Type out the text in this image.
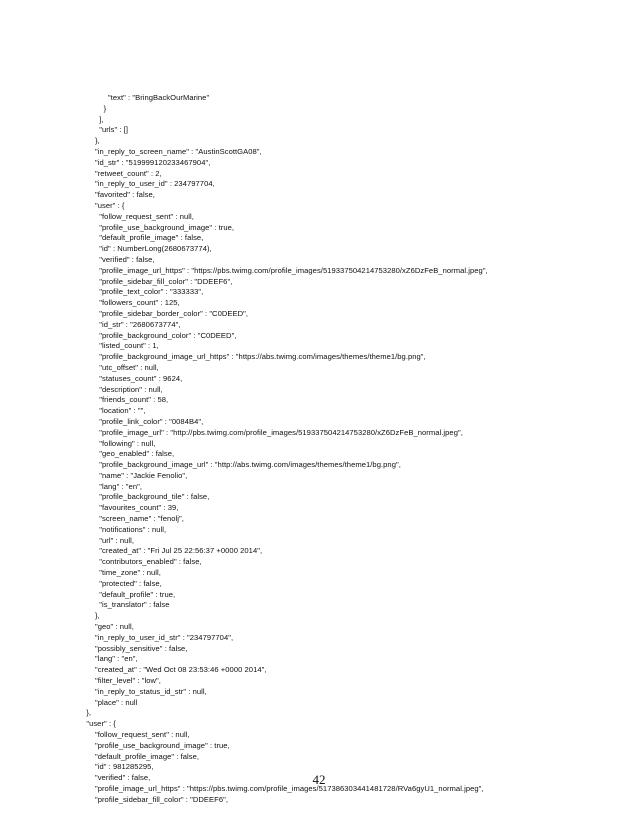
"text" : "BringBackOurMarine"
}
],
"urls" : []
},
"in_reply_to_screen_name" : "AustinScottGA08",
"id_str" : "519999120233467904",
"retweet_count" : 2,
"in_reply_to_user_id" : 234797704,
"favorited" : false,
"user" : {
"follow_request_sent" : null,
"profile_use_background_image" : true,
"default_profile_image" : false,
"id" : NumberLong(2680673774),
"verified" : false,
"profile_image_url_https" : "https://pbs.twimg.com/profile_images/519337504214753280/xZ6DzFeB_normal.jpeg",
"profile_sidebar_fill_color" : "DDEEF6",
"profile_text_color" : "333333",
"followers_count" : 125,
"profile_sidebar_border_color" : "C0DEED",
"id_str" : "2680673774",
"profile_background_color" : "C0DEED",
"listed_count" : 1,
"profile_background_image_url_https" : "https://abs.twimg.com/images/themes/theme1/bg.png",
"utc_offset" : null,
"statuses_count" : 9624,
"description" : null,
"friends_count" : 58,
"location" : "",
"profile_link_color" : "0084B4",
"profile_image_url" : "http://pbs.twimg.com/profile_images/519337504214753280/xZ6DzFeB_normal.jpeg",
"following" : null,
"geo_enabled" : false,
"profile_background_image_url" : "http://abs.twimg.com/images/themes/theme1/bg.png",
"name" : "Jackie Fenolio",
"lang" : "en",
"profile_background_tile" : false,
"favourites_count" : 39,
"screen_name" : "fenolj",
"notifications" : null,
"url" : null,
"created_at" : "Fri Jul 25 22:56:37 +0000 2014",
"contributors_enabled" : false,
"time_zone" : null,
"protected" : false,
"default_profile" : true,
"is_translator" : false
},
"geo" : null,
"in_reply_to_user_id_str" : "234797704",
"possibly_sensitive" : false,
"lang" : "en",
"created_at" : "Wed Oct 08 23:53:46 +0000 2014",
"filter_level" : "low",
"in_reply_to_status_id_str" : null,
"place" : null
},
"user" : {
"follow_request_sent" : null,
"profile_use_background_image" : true,
"default_profile_image" : false,
"id" : 981285295,
"verified" : false,
"profile_image_url_https" : "https://pbs.twimg.com/profile_images/517386303441481728/RVa6gyU1_normal.jpeg",
"profile_sidebar_fill_color" : "DDEEF6",
42
